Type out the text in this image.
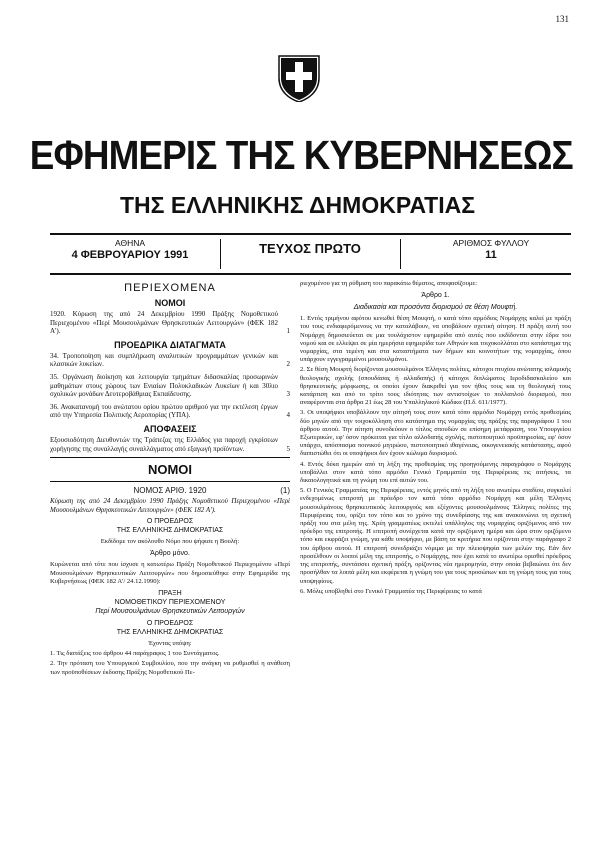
131
ΕΦΗΜΕΡΙΣ ΤΗΣ ΚΥΒΕΡΝΗΣΕΩΣ
ΤΗΣ ΕΛΛΗΝΙΚΗΣ ΔΗΜΟΚΡΑΤΙΑΣ
ΑΘΗΝΑ
4 ΦΕΒΡΟΥΑΡΙΟΥ 1991	ΤΕΥΧΟΣ ΠΡΩΤΟ	ΑΡΙΘΜΟΣ ΦΥΛΛΟΥ
11
ΠΕΡΙΕΧΟΜΕΝΑ
ΝΟΜΟΙ
1920. Κύρωση της από 24 Δεκεμβρίου 1990 Πράξης Νομοθετικού Περιεχομένου «Περί Μουσουλμάνων Θρησκευτικών Λειτουργών» (ΦΕΚ 182 Α').	1
ΠΡΟΕΔΡΙΚΑ ΔΙΑΤΑΓΜΑΤΑ
34. Τροποποίηση και συμπλήρωση αναλυτικών προγραμμάτων γενικών και κλασικών λυκείων.	2
35. Οργάνωση διοίκηση και λειτουργία τμημάτων διδασκαλίας προσωρινών μαθημάτων στους χώρους των Ενιαίων Πολυκλαδικών Λυκείων ή και 30λιο σχολικών μονάδων Δευτεροβάθμιας Εκπαίδευσης.	3
36. Ανακατανομή του ανώτατου ορίου πρώτου αριθμού για την εκτέλεση έργων από την Υπηρεσία Πολιτικής Αεροπορίας (ΥΠΑ).	4
ΑΠΟΦΑΣΕΙΣ
Εξουσιοδότηση Διευθυντών της Τράπεζας της Ελλάδος για παροχή εγκρίσεων χορήγησης της συναλλαγής συναλλάγματος από εξαγωγή προϊόντων.	5
ΝΟΜΟΙ
ΝΟΜΟΣ ΑΡΙΘ. 1920	(1)
Κύρωση της από 24 Δεκεμβρίου 1990 Πράξης Νομοθετικού Περιεχομένου «Περί Μουσουλμάνων Θρησκευτικών Λειτουργών» (ΦΕΚ 182 Α').
Ο ΠΡΟΕΔΡΟΣ
ΤΗΣ ΕΛΛΗΝΙΚΗΣ ΔΗΜΟΚΡΑΤΙΑΣ
Εκδίδομε τον ακόλουθο Νόμο που ψήφισε η Βουλή:
Άρθρο μόνο.
Κυρώνεται από τότε που ίσχυσε η κατωτέρω Πράξη Νομοθετικού Περιεχομένου «Περί Μουσουλμάνων Θρησκευτικών Λειτουργών» που δημοσιεύθηκε στην Εφημερίδα της Κυβερνήσεως (ΦΕΚ 182 Α'/ 24.12.1990):
ΠΡΑΞΗ
ΝΟΜΟΘΕΤΙΚΟΥ ΠΕΡΙΕΧΟΜΕΝΟΥ
Περί Μουσουλμάνων Θρησκευτικών Λειτουργών
Ο ΠΡΟΕΔΡΟΣ
ΤΗΣ ΕΛΛΗΝΙΚΗΣ ΔΗΜΟΚΡΑΤΙΑΣ
Έχοντας υπόψη:
1. Τις διατάξεις του άρθρου 44 παράγραφος 1 του Συντάγματος.
2. Την πρόταση του Υπουργικού Συμβουλίου, που την ανάγκη να ρυθμισθεί η ανάθεση των προϋποθέσεων έκδοσης Πράξης Νομοθετικού Πε-
ριεχομένου για τη ρύθμιση του παρακάτω θέματος, αποφασίζουμε:
Άρθρο 1.
Διαδικασία και προσόντα διορισμού σε θέση Μουφτή.
1. Εντός τριμήνου αφότου κενωθεί θέση Μουφτή, ο κατά τόπο αρμόδιος Νομάρχης καλεί με πράξη του τους ενδιαφερόμενους να την καταλάβουν, να υποβάλουν σχετική αίτηση. Η πράξη αυτή του Νομάρχη δημοσιεύεται σε μια τουλάχιστον εφημερίδα από αυτές που εκδίδονται στην έδρα του νομού και σε ελλείψει σε μία ημερήσια εφημερίδα των Αθηνών και τοιχοκολλάται στο κατάστημα της νομαρχίας, στα τεμένη και στα καταστήματα των δήμων και κοινοτήτων της νομαρχίας, όπου υπάρχουν εγγεγραμμένοι μουσουλμάνοι.
2. Σε θέση Μουφτή διορίζονται μουσουλμάνοι Έλληνες πολίτες, κάτοχοι πτυχίου ανώτατης ισλαμικής θεολογικής σχολής (σπουδάσας ή αλλαδαπής) ή κάτοχοι διπλώματος Ιεροδιδασκαλείου και θρησκευτικής μόρφωσης, οι οποίοι έχουν διακριθεί για τον ήθος τους και τη θεολογική τους κατάρτιση και από το τρίτο τους ιδιότητας των αντιστοίχων το πολλαπλού διορισμού, που αναφέρονται στα άρθρα 21 έως 28 του Υπαλληλικού Κώδικα (Π.δ. 611/1977).
3. Οι υποψήφιοι υποβάλλουν την αίτησή τους στον κατά τόπο αρμόδιο Νομάρχη εντός προθεσμίας δύο μηνών από την τοιχοκόλληση στο κατάστημα της νομαρχίας της πράξης της παραγράφου 1 του άρθρου αυτού. Την αίτηση συνοδεύουν ο τίτλος σπουδών σε επίσημη μετάφραση, του Υπουργείου Εξωτερικών, εφ' όσον πρόκειται για τίτλο αλλοδαπής σχολής, πιστοποιητικό προϋπηρεσίας, εφ' όσον υπάρχει, απόσπασμα ποινικού μητρώου, πιστοποιητικό ιθαγένειας, οικογενειακής κατάστασης, αφού διαπιστώθει ότι οι υποψήφιοι δεν έχουν κώλυμα διορισμού.
4. Εντός δέκα ημερών από τη λήξη της προθεσμίας της προηγούμενης παραγράφου ο Νομάρχης υποβάλλει στον κατά τόπο αρμόδιο Γενικό Γραμματέα της Περιφέρειας τις αιτήσεις, τα δικαιολογητικά και τη γνώμη του επί αυτών του.
5. Ο Γενικός Γραμματέας της Περιφέρειας, εντός μηνός από τη λήξη του ανωτέρω σταδίου, συγκαλεί ενδεχομένως επιτροπή με πρόεδρο τον κατά τόπο αρμόδιο Νομάρχη και μέλη Έλληνες μουσουλμάνους θρησκευτικούς λειτουργούς και εξέχοντες μουσουλμάνους Έλληνες πολίτες της Περιφέρειας του, ορίζει τον τόπο και το χρόνο της συνεδρίασης της και ανακοινώνει τη σχετική πράξη του στα μέλη της. Χρέη γραμματέως εκτελεί υπάλληλος της νομαρχίας οριζόμενος από τον πρόεδρο της επιτροπής. Η επιτροπή συνέρχεται κατά την οριζόμενη ημέρα και ώρα στον οριζόμενο τόπο και εκφράζει γνώμη, για κάθε υποψήφιο, με βάση τα κριτήρια που ορίζονται στην παράγραφο 2 του άρθρου αυτού. Η επιτροπή συνεδριάζει νόμιμα με την πλειοψηφία των μελών της. Εάν δεν προσέλθουν οι λοιποί μέλη της επιτροπής, ο Νομάρχης, που έχει κατά το ανωτέρω ορισθεί πρόεδρος της επιτροπής, συντάσσει σχετική πράξη, ορίζοντας νέα ημερομηνία, στην οποία βεβαιώνει ότι δεν προσήλθαν τα λοιπά μέλη και εκφέρεται η γνώμη του για τους προσώπων και τη γνώμη τους για τους υποψηφίους.
6. Μόλις υποβληθεί στο Γενικό Γραμματέα της Περιφέρειας το κατά
